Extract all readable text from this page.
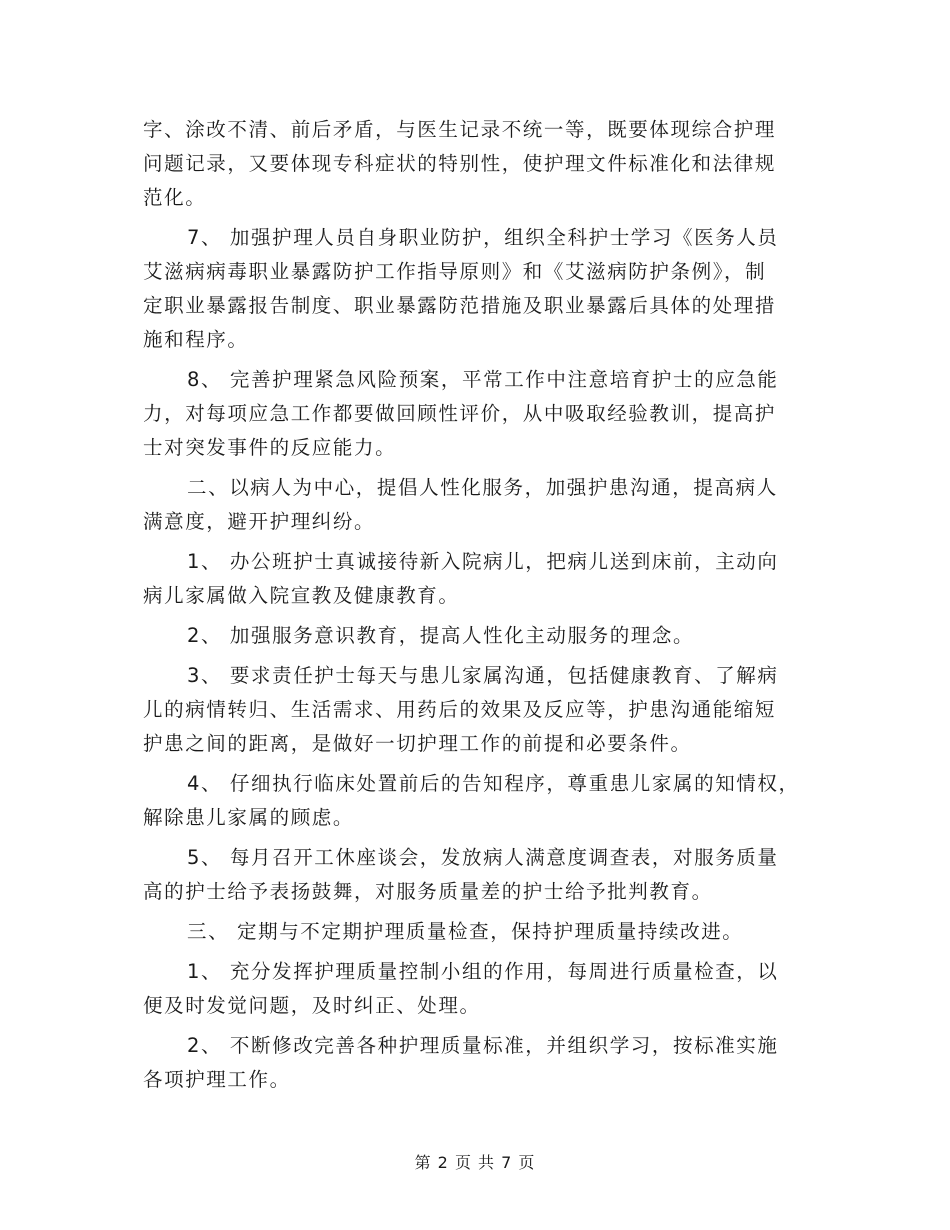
字、涂改不清、前后矛盾，与医生记录不统一等，既要体现综合护理
问题记录，又要体现专科症状的特别性，使护理文件标准化和法律规
范化。
7、 加强护理人员自身职业防护，组织全科护士学习《医务人员
艾滋病病毒职业暴露防护工作指导原则》和《艾滋病防护条例》，制
定职业暴露报告制度、职业暴露防范措施及职业暴露后具体的处理措
施和程序。
8、 完善护理紧急风险预案，平常工作中注意培育护士的应急能
力，对每项应急工作都要做回顾性评价，从中吸取经验教训，提高护
士对突发事件的反应能力。
二、以病人为中心，提倡人性化服务，加强护患沟通，提高病人
满意度，避开护理纠纷。
1、 办公班护士真诚接待新入院病儿，把病儿送到床前，主动向
病儿家属做入院宣教及健康教育。
2、 加强服务意识教育，提高人性化主动服务的理念。
3、 要求责任护士每天与患儿家属沟通，包括健康教育、了解病
儿的病情转归、生活需求、用药后的效果及反应等，护患沟通能缩短
护患之间的距离，是做好一切护理工作的前提和必要条件。
4、 仔细执行临床处置前后的告知程序，尊重患儿家属的知情权，
解除患儿家属的顾虑。
5、 每月召开工休座谈会，发放病人满意度调查表，对服务质量
高的护士给予表扬鼓舞，对服务质量差的护士给予批判教育。
三、 定期与不定期护理质量检查，保持护理质量持续改进。
1、 充分发挥护理质量控制小组的作用，每周进行质量检查，以
便及时发觉问题，及时纠正、处理。
2、 不断修改完善各种护理质量标准，并组织学习，按标准实施
各项护理工作。
第 2 页 共 7 页
